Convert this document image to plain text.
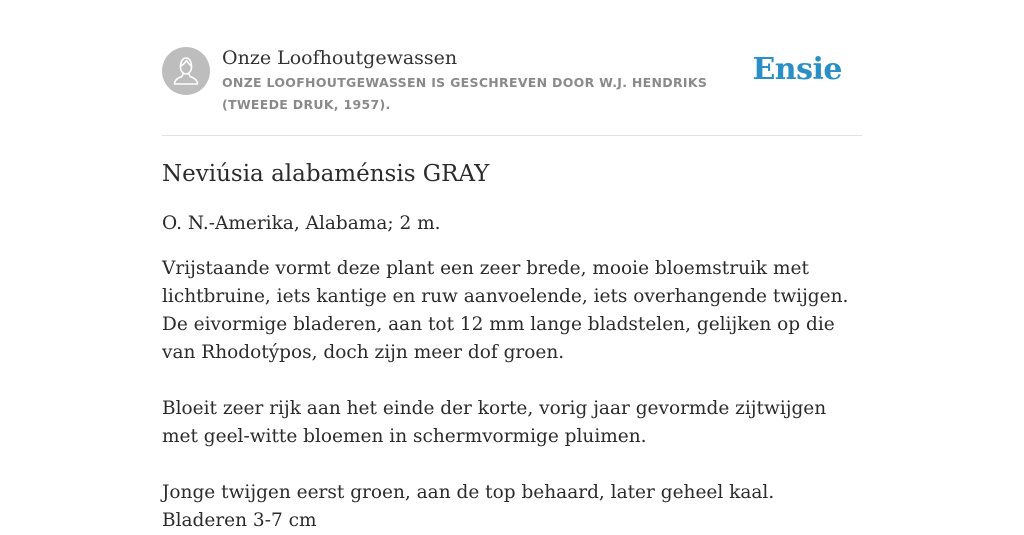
Onze Loofhoutgewassen
ONZE LOOFHOUTGEWASSEN IS GESCHREVEN DOOR W.J. HENDRIKS (TWEEDE DRUK, 1957).
Ensie
Neviúsia alabaménsis GRAY

O. N.-Amerika, Alabama; 2 m.

Vrijstaande vormt deze plant een zeer brede, mooie bloemstruik met lichtbruine, iets kantige en ruw aanvoelende, iets overhangende twijgen. De eivormige bladeren, aan tot 12 mm lange bladstelen, gelijken op die van Rhodotýpos, doch zijn meer dof groen.

Bloeit zeer rijk aan het einde der korte, vorig jaar gevormde zijtwijgen met geel-witte bloemen in schermvormige pluimen.

Jonge twijgen eerst groen, aan de top behaard, later geheel kaal. Bladeren 3-7 cm
